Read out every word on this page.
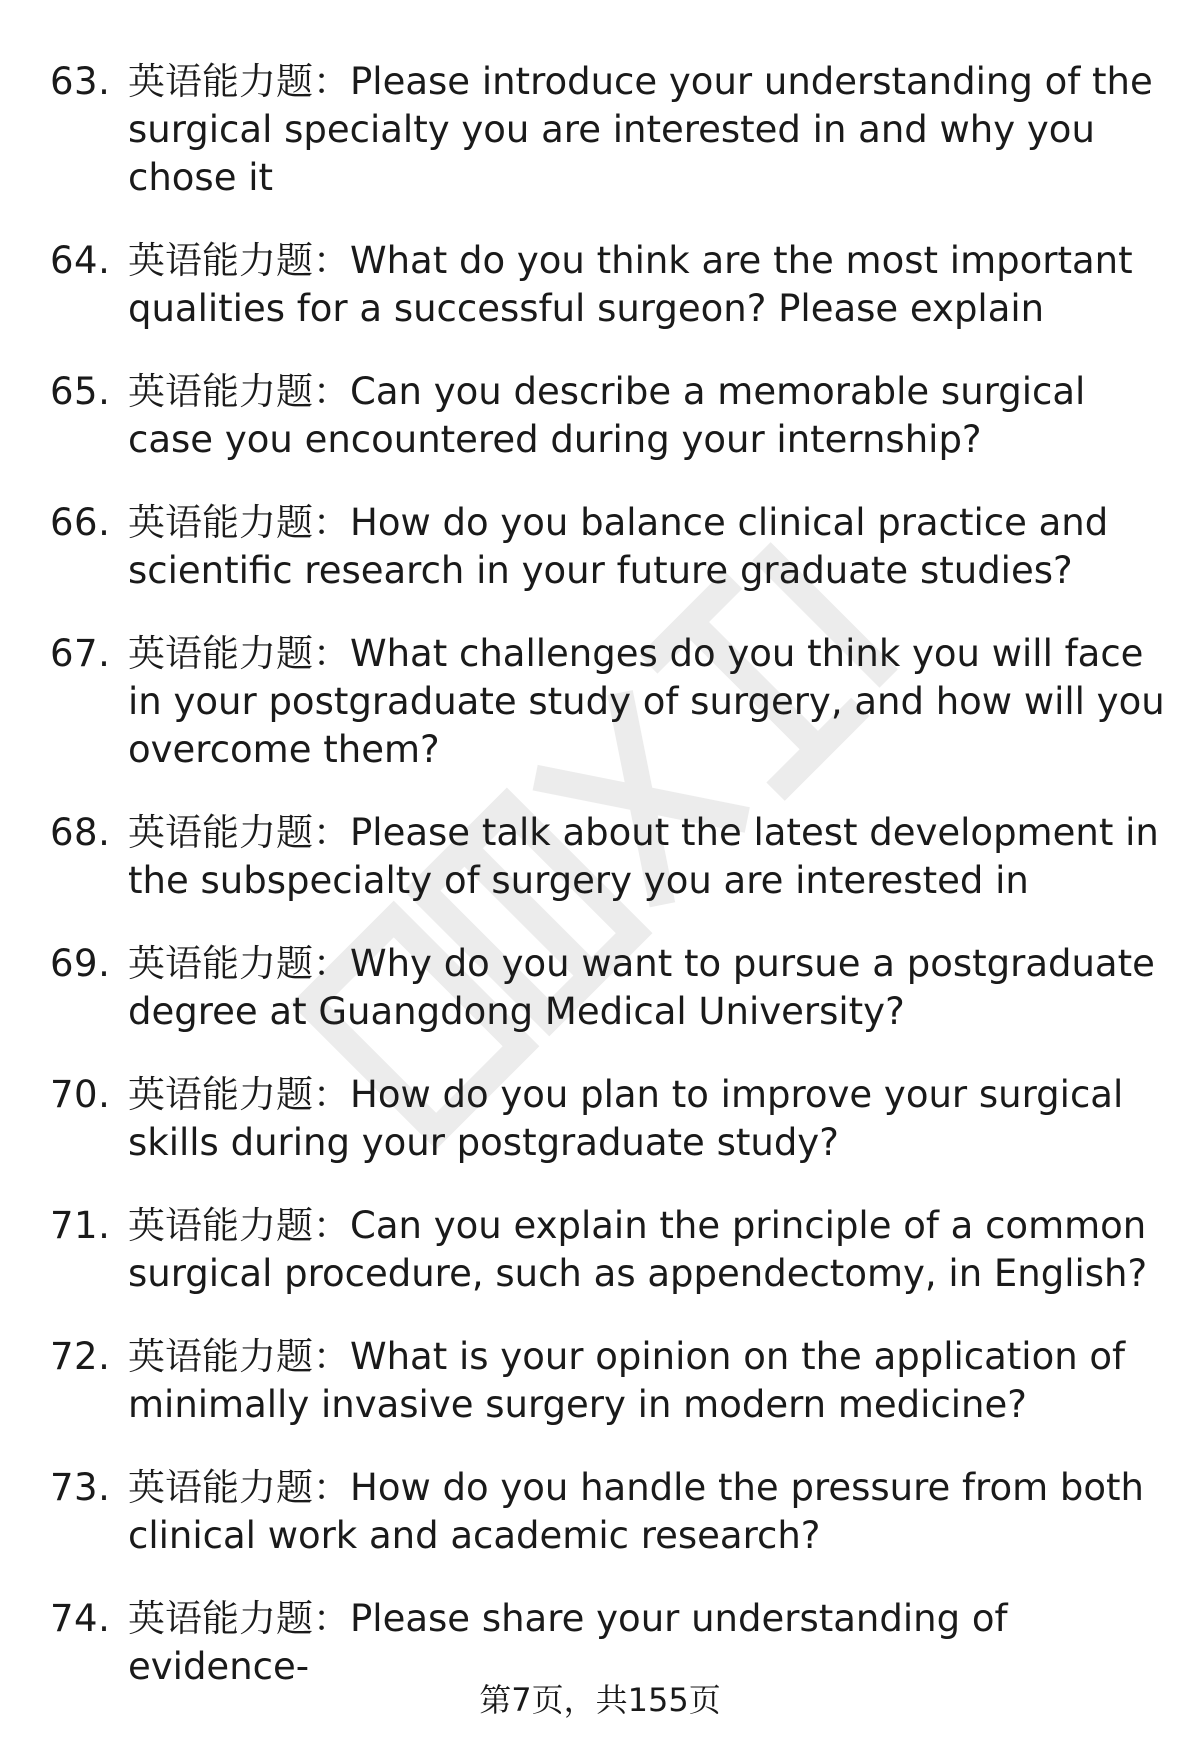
63. 英语能力题：Please introduce your understanding of the surgical specialty you are interested in and why you chose it
64. 英语能力题：What do you think are the most important qualities for a successful surgeon? Please explain
65. 英语能力题：Can you describe a memorable surgical case you encountered during your internship?
66. 英语能力题：How do you balance clinical practice and scientific research in your future graduate studies?
67. 英语能力题：What challenges do you think you will face in your postgraduate study of surgery, and how will you overcome them?
68. 英语能力题：Please talk about the latest development in the subspecialty of surgery you are interested in
69. 英语能力题：Why do you want to pursue a postgraduate degree at Guangdong Medical University?
70. 英语能力题：How do you plan to improve your surgical skills during your postgraduate study?
71. 英语能力题：Can you explain the principle of a common surgical procedure, such as appendectomy, in English?
72. 英语能力题：What is your opinion on the application of minimally invasive surgery in modern medicine?
73. 英语能力题：How do you handle the pressure from both clinical work and academic research?
74. 英语能力题：Please share your understanding of evidence-
第7页，共155页
